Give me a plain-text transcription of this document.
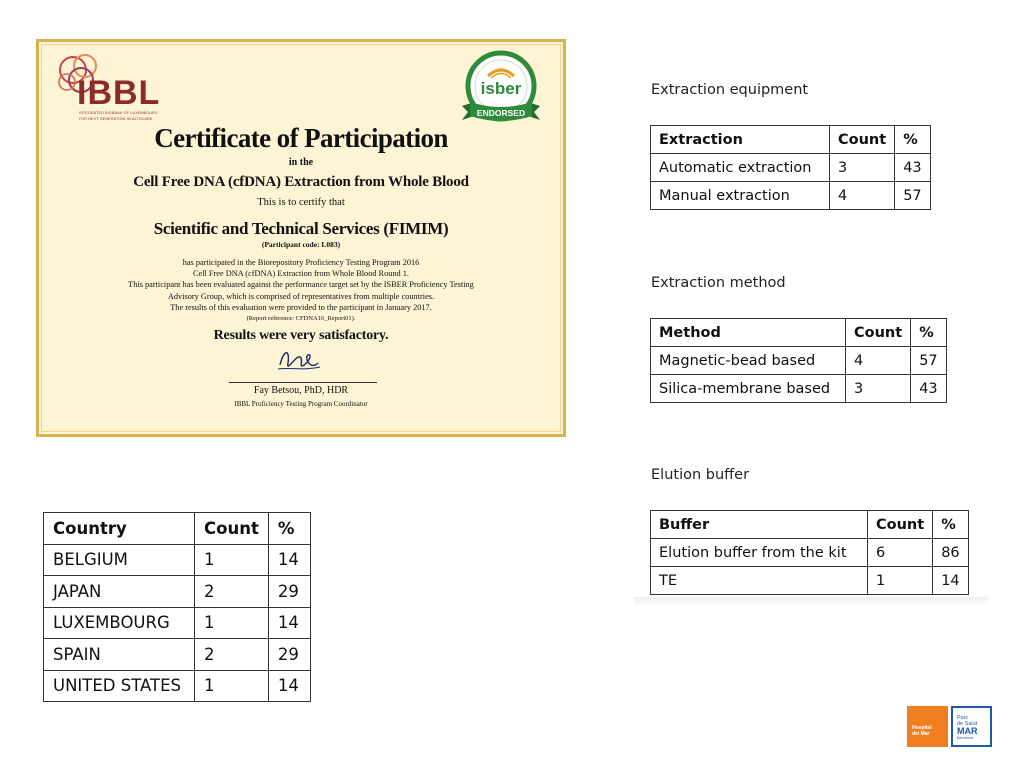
IBBL
INTEGRATED BIOBANK OF LUXEMBOURG
FOR NEXT GENERATION HEALTHCARE
isber
ENDORSED
Certificate of Participation
in the
Cell Free DNA (cfDNA) Extraction from Whole Blood
This is to certify that
Scientific and Technical Services (FIMIM)
(Participant code: L083)
has participated in the Biorepository Proficiency Testing Program 2016
Cell Free DNA (cfDNA) Extraction from Whole Blood Round 1.
This participant has been evaluated against the performance target set by the ISBER Proficiency Testing
Advisory Group, which is comprised of representatives from multiple countries.
The results of this evaluation were provided to the participant in January 2017.
(Report reference: CFDNA16_Report01).
Results were very satisfactory.
Fay Betsou, PhD, HDR
IBBL Proficiency Testing Program Coordinator
Country	Count	%
BELGIUM	1	14
JAPAN	2	29
LUXEMBOURG	1	14
SPAIN	2	29
UNITED STATES	1	14
Extraction equipment
Extraction	Count	%
Automatic extraction	3	43
Manual extraction	4	57
Extraction method
Method	Count	%
Magnetic-bead based	4	57
Silica-membrane based	3	43
Elution buffer
Buffer	Count	%
Elution buffer from the kit	6	86
TE	1	14
Hospital
del Mar
Parc
de Salut
MAR
Barcelona
